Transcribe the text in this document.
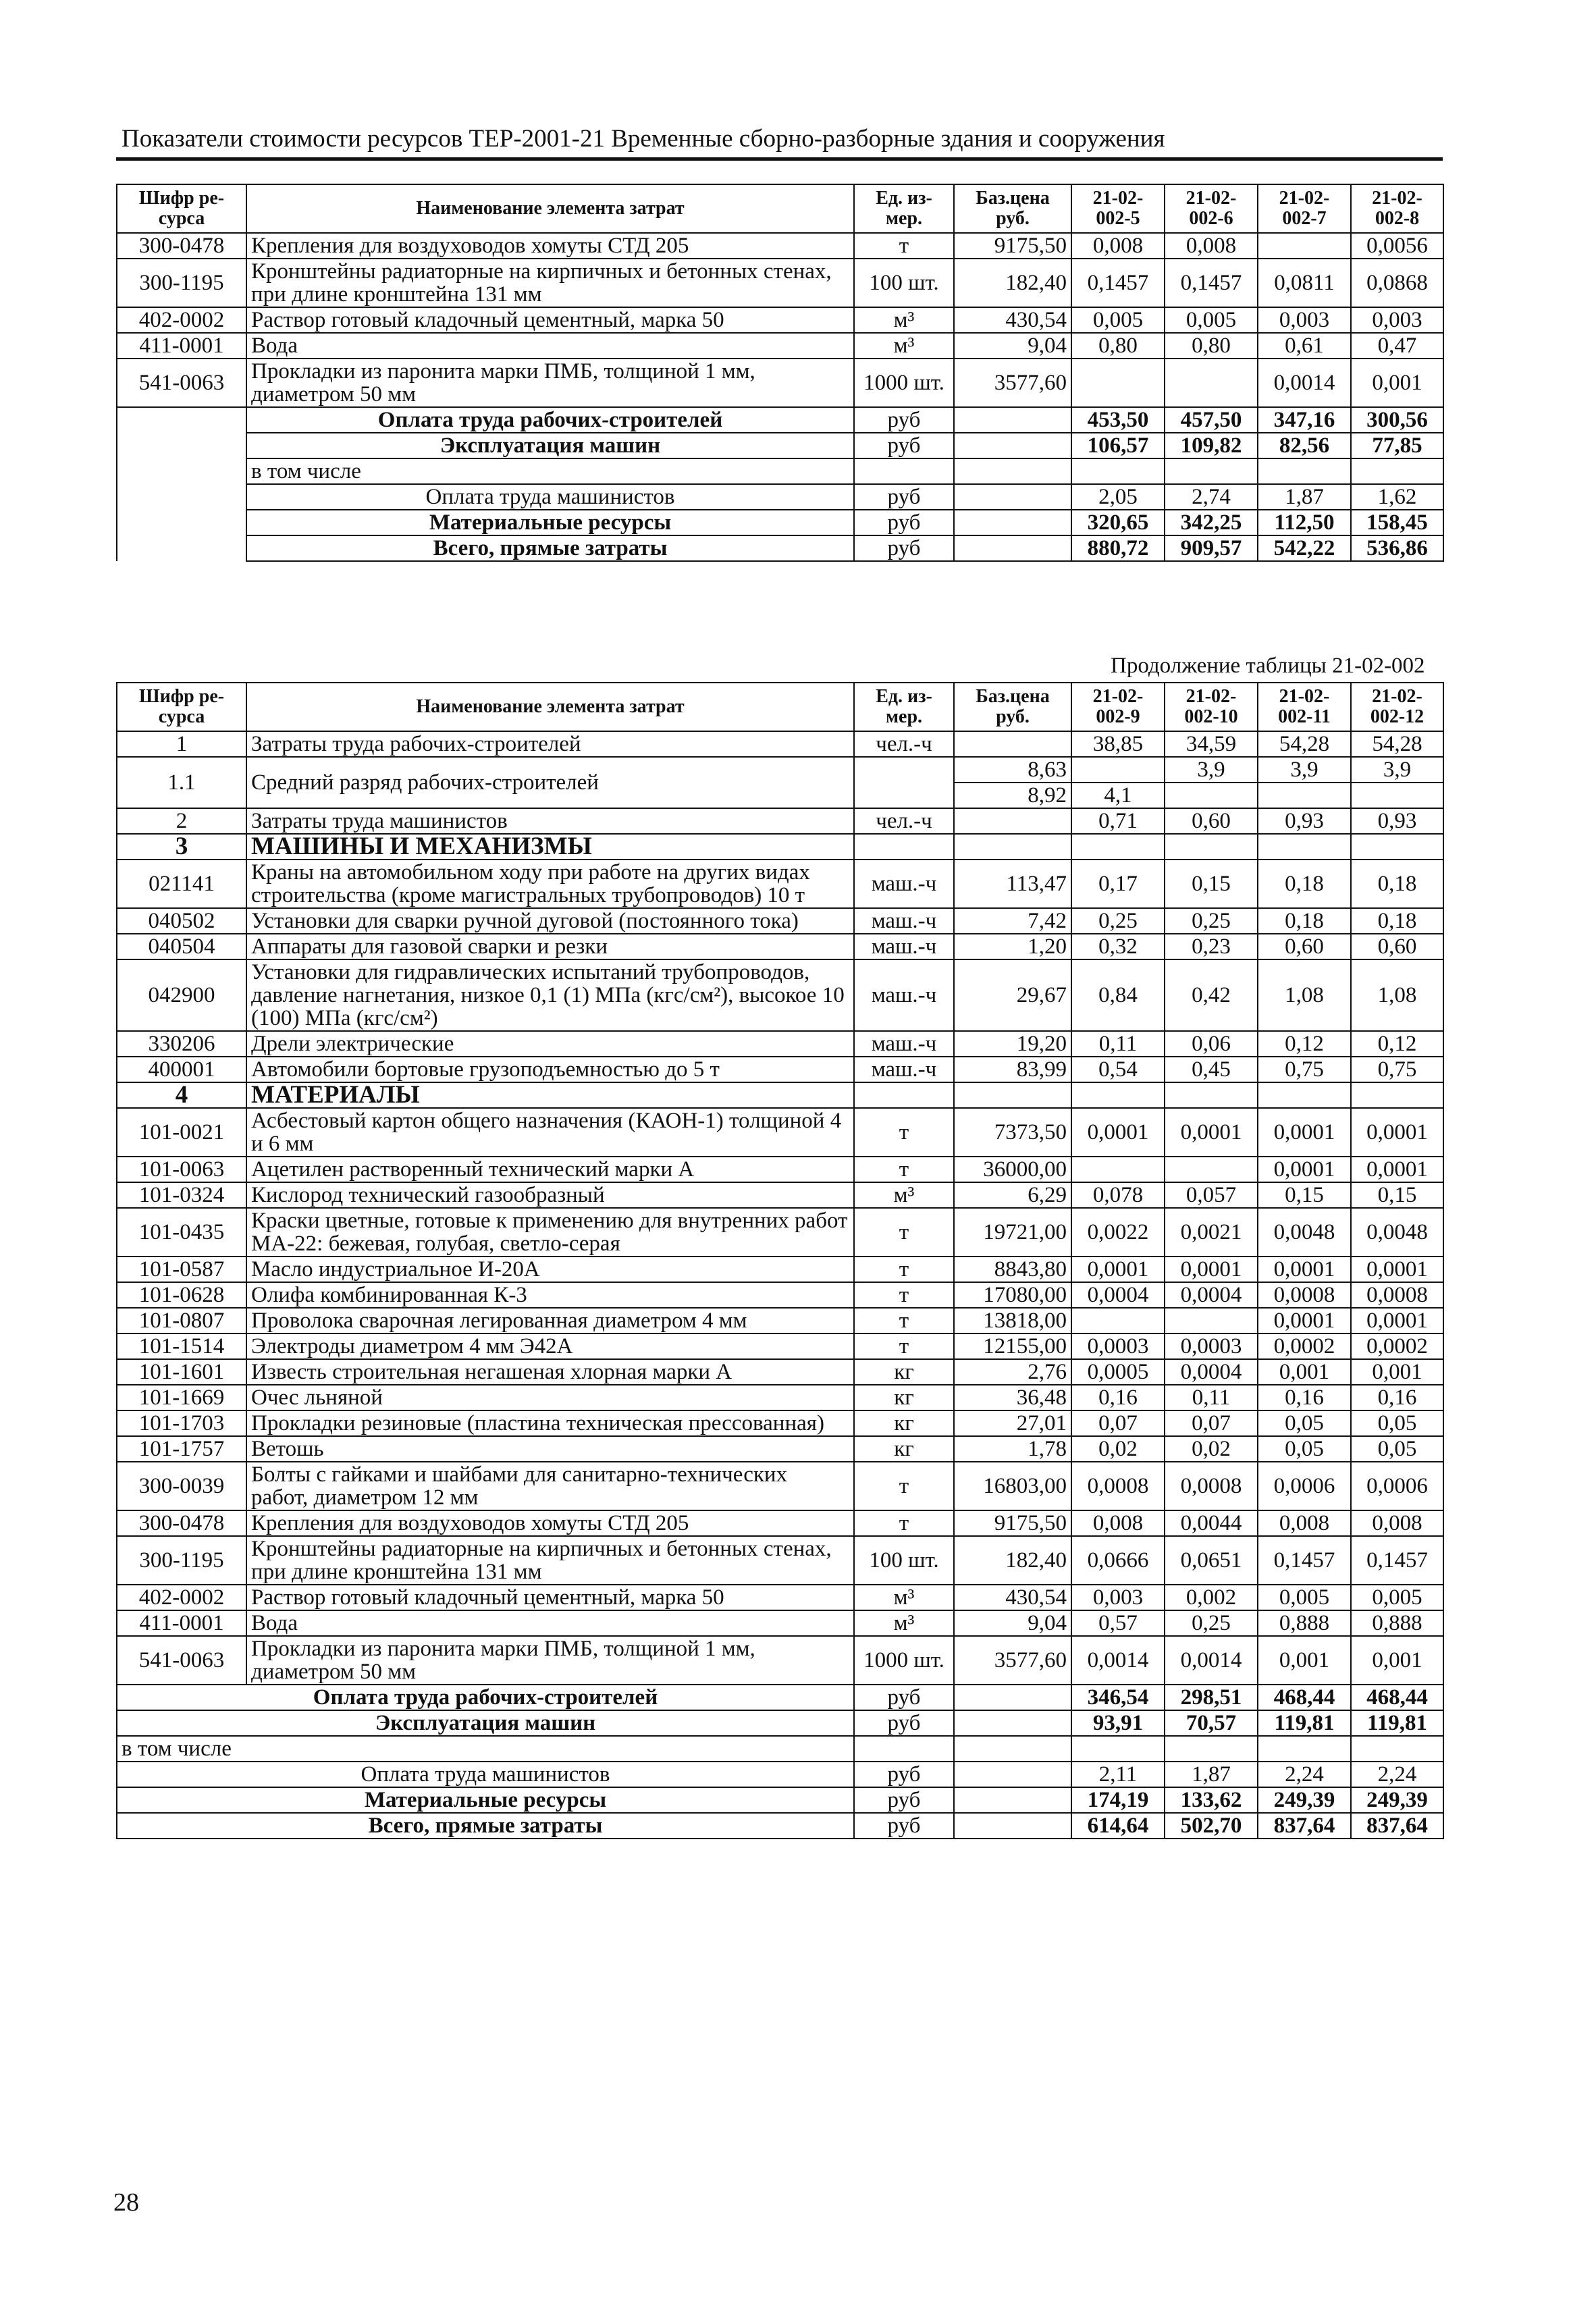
Показатели стоимости ресурсов ТЕР-2001-21 Временные сборно-разборные здания и сооружения
Шифр ре-сурса	Наименование элемента затрат	Ед. из-мер.	Баз.цена руб.	21-02-002-5	21-02-002-6	21-02-002-7	21-02-002-8
300-0478	Крепления для воздуховодов хомуты СТД 205	т	9175,50	0,008	0,008		0,0056
300-1195	Кронштейны радиаторные на кирпичных и бетонных стенах, при длине кронштейна 131 мм	100 шт.	182,40	0,1457	0,1457	0,0811	0,0868
402-0002	Раствор готовый кладочный цементный, марка 50	м³	430,54	0,005	0,005	0,003	0,003
411-0001	Вода	м³	9,04	0,80	0,80	0,61	0,47
541-0063	Прокладки из паронита марки ПМБ, толщиной 1 мм, диаметром 50 мм	1000 шт.	3577,60			0,0014	0,001
	Оплата труда рабочих-строителей	руб		453,50	457,50	347,16	300,56
	Эксплуатация машин	руб		106,57	109,82	82,56	77,85
	в том числе						
	Оплата труда машинистов	руб		2,05	2,74	1,87	1,62
	Материальные ресурсы	руб		320,65	342,25	112,50	158,45
	Всего, прямые затраты	руб		880,72	909,57	542,22	536,86
Продолжение таблицы 21-02-002
Шифр ре-сурса	Наименование элемента затрат	Ед. из-мер.	Баз.цена руб.	21-02-002-9	21-02-002-10	21-02-002-11	21-02-002-12
1	Затраты труда рабочих-строителей	чел.-ч		38,85	34,59	54,28	54,28
1.1	Средний разряд рабочих-строителей		8,63		3,9	3,9	3,9
			8,92	4,1			
2	Затраты труда машинистов	чел.-ч		0,71	0,60	0,93	0,93
3	МАШИНЫ И МЕХАНИЗМЫ						
021141	Краны на автомобильном ходу при работе на других видах строительства (кроме магистральных трубопроводов) 10 т	маш.-ч	113,47	0,17	0,15	0,18	0,18
040502	Установки для сварки ручной дуговой (постоянного тока)	маш.-ч	7,42	0,25	0,25	0,18	0,18
040504	Аппараты для газовой сварки и резки	маш.-ч	1,20	0,32	0,23	0,60	0,60
042900	Установки для гидравлических испытаний трубопроводов, давление нагнетания, низкое 0,1 (1) МПа (кгс/см²), высокое 10 (100) МПа (кгс/см²)	маш.-ч	29,67	0,84	0,42	1,08	1,08
330206	Дрели электрические	маш.-ч	19,20	0,11	0,06	0,12	0,12
400001	Автомобили бортовые грузоподъемностью до 5 т	маш.-ч	83,99	0,54	0,45	0,75	0,75
4	МАТЕРИАЛЫ						
101-0021	Асбестовый картон общего назначения (КАОН-1) толщиной 4 и 6 мм	т	7373,50	0,0001	0,0001	0,0001	0,0001
101-0063	Ацетилен растворенный технический марки А	т	36000,00			0,0001	0,0001
101-0324	Кислород технический газообразный	м³	6,29	0,078	0,057	0,15	0,15
101-0435	Краски цветные, готовые к применению для внутренних работ МА-22: бежевая, голубая, светло-серая	т	19721,00	0,0022	0,0021	0,0048	0,0048
101-0587	Масло индустриальное И-20А	т	8843,80	0,0001	0,0001	0,0001	0,0001
101-0628	Олифа комбинированная К-3	т	17080,00	0,0004	0,0004	0,0008	0,0008
101-0807	Проволока сварочная легированная диаметром 4 мм	т	13818,00			0,0001	0,0001
101-1514	Электроды диаметром 4 мм Э42А	т	12155,00	0,0003	0,0003	0,0002	0,0002
101-1601	Известь строительная негашеная хлорная марки А	кг	2,76	0,0005	0,0004	0,001	0,001
101-1669	Очес льняной	кг	36,48	0,16	0,11	0,16	0,16
101-1703	Прокладки резиновые (пластина техническая прессованная)	кг	27,01	0,07	0,07	0,05	0,05
101-1757	Ветошь	кг	1,78	0,02	0,02	0,05	0,05
300-0039	Болты с гайками и шайбами для санитарно-технических работ, диаметром 12 мм	т	16803,00	0,0008	0,0008	0,0006	0,0006
300-0478	Крепления для воздуховодов хомуты СТД 205	т	9175,50	0,008	0,0044	0,008	0,008
300-1195	Кронштейны радиаторные на кирпичных и бетонных стенах, при длине кронштейна 131 мм	100 шт.	182,40	0,0666	0,0651	0,1457	0,1457
402-0002	Раствор готовый кладочный цементный, марка 50	м³	430,54	0,003	0,002	0,005	0,005
411-0001	Вода	м³	9,04	0,57	0,25	0,888	0,888
541-0063	Прокладки из паронита марки ПМБ, толщиной 1 мм, диаметром 50 мм	1000 шт.	3577,60	0,0014	0,0014	0,001	0,001
Оплата труда рабочих-строителей		руб		346,54	298,51	468,44	468,44
Эксплуатация машин		руб		93,91	70,57	119,81	119,81
в том числе							
Оплата труда машинистов		руб		2,11	1,87	2,24	2,24
Материальные ресурсы		руб		174,19	133,62	249,39	249,39
Всего, прямые затраты		руб		614,64	502,70	837,64	837,64
28
